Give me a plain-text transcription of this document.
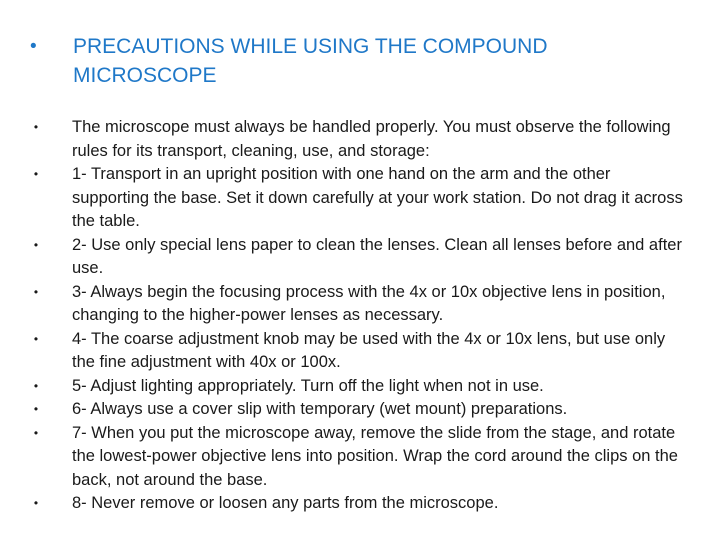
• PRECAUTIONS WHILE USING THE COMPOUND
MICROSCOPE
• The microscope must always be handled properly. You must observe the following rules for its transport, cleaning, use, and storage:
• 1- Transport in an upright position with one hand on the arm and the other supporting the base. Set it down carefully at your work station. Do not drag it across the table.
• 2- Use only special lens paper to clean the lenses. Clean all lenses before and after use.
• 3- Always begin the focusing process with the 4x or 10x objective lens in position, changing to the higher-power lenses as necessary.
• 4- The coarse adjustment knob may be used with the 4x or 10x lens, but use only the fine adjustment with 40x or 100x.
• 5- Adjust lighting appropriately. Turn off the light when not in use.
• 6- Always use a cover slip with temporary (wet mount) preparations.
• 7- When you put the microscope away, remove the slide from the stage, and rotate the lowest-power objective lens into position. Wrap the cord around the clips on the back, not around the base.
• 8- Never remove or loosen any parts from the microscope.
